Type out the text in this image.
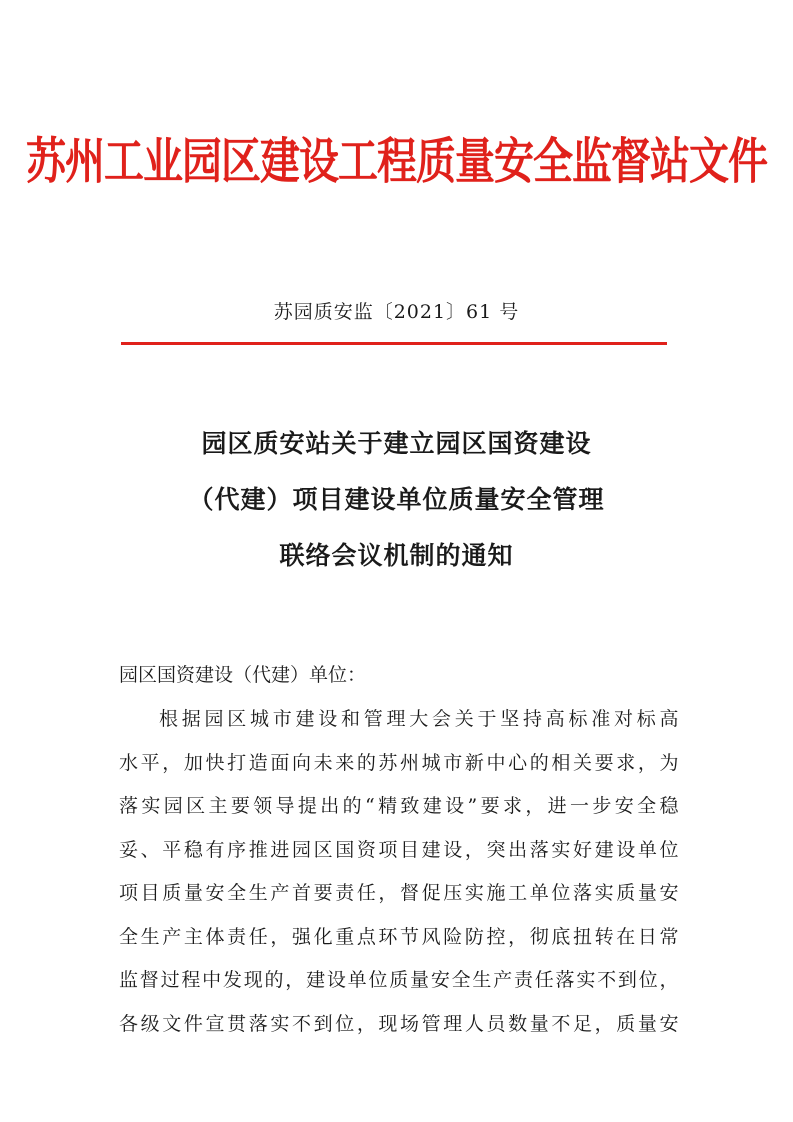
苏州工业园区建设工程质量安全监督站文件
苏园质安监〔2021〕61 号
园区质安站关于建立园区国资建设
（代建）项目建设单位质量安全管理
联络会议机制的通知
园区国资建设（代建）单位：
根据园区城市建设和管理大会关于坚持高标准对标高
水平，加快打造面向未来的苏州城市新中心的相关要求，为
落实园区主要领导提出的“精致建设”要求，进一步安全稳
妥、平稳有序推进园区国资项目建设，突出落实好建设单位
项目质量安全生产首要责任，督促压实施工单位落实质量安
全生产主体责任，强化重点环节风险防控，彻底扭转在日常
监督过程中发现的，建设单位质量安全生产责任落实不到位，
各级文件宣贯落实不到位，现场管理人员数量不足，质量安
